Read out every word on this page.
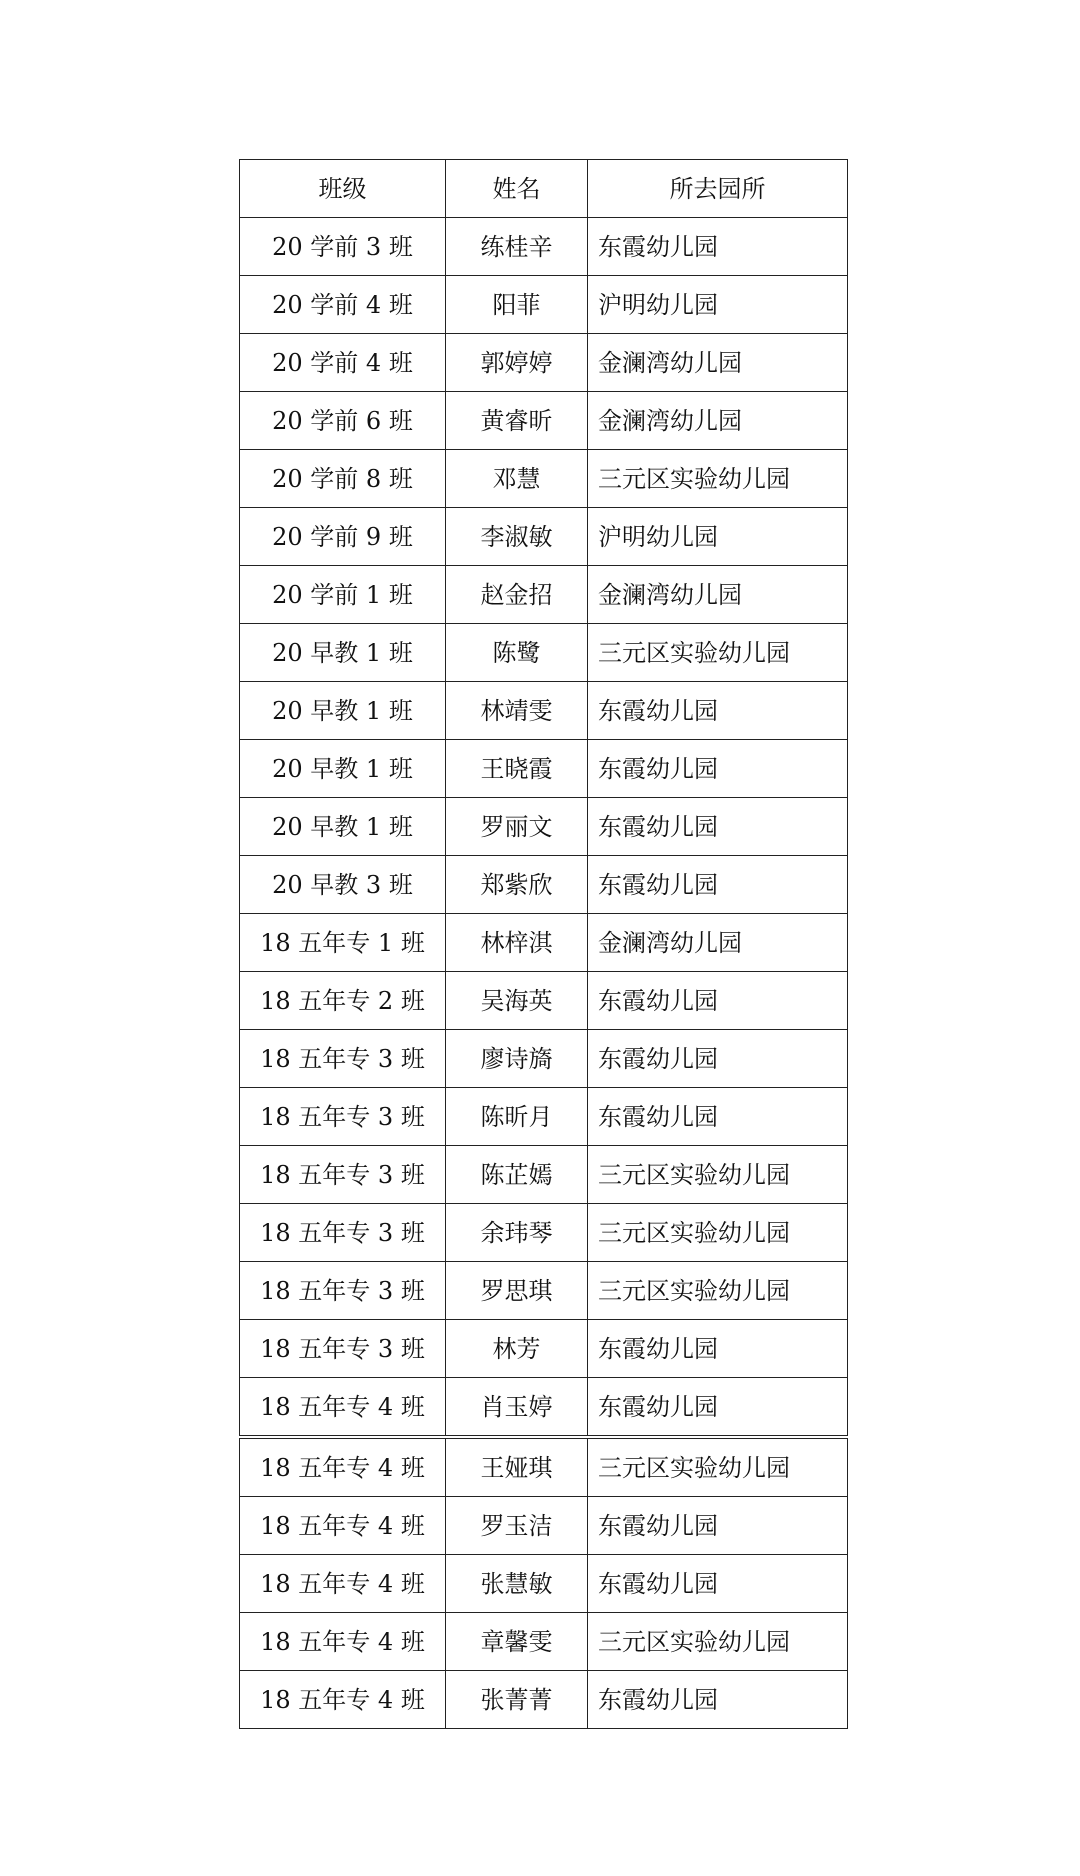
班级	姓名	所去园所
20 学前 3 班	练桂辛	东霞幼儿园
20 学前 4 班	阳菲	沪明幼儿园
20 学前 4 班	郭婷婷	金澜湾幼儿园
20 学前 6 班	黄睿昕	金澜湾幼儿园
20 学前 8 班	邓慧	三元区实验幼儿园
20 学前 9 班	李淑敏	沪明幼儿园
20 学前 1 班	赵金招	金澜湾幼儿园
20 早教 1 班	陈鹭	三元区实验幼儿园
20 早教 1 班	林靖雯	东霞幼儿园
20 早教 1 班	王晓霞	东霞幼儿园
20 早教 1 班	罗丽文	东霞幼儿园
20 早教 3 班	郑紫欣	东霞幼儿园
18 五年专 1 班	林梓淇	金澜湾幼儿园
18 五年专 2 班	吴海英	东霞幼儿园
18 五年专 3 班	廖诗旖	东霞幼儿园
18 五年专 3 班	陈昕月	东霞幼儿园
18 五年专 3 班	陈芷嫣	三元区实验幼儿园
18 五年专 3 班	余玮琴	三元区实验幼儿园
18 五年专 3 班	罗思琪	三元区实验幼儿园
18 五年专 3 班	林芳	东霞幼儿园
18 五年专 4 班	肖玉婷	东霞幼儿园
18 五年专 4 班	王娅琪	三元区实验幼儿园
18 五年专 4 班	罗玉洁	东霞幼儿园
18 五年专 4 班	张慧敏	东霞幼儿园
18 五年专 4 班	章馨雯	三元区实验幼儿园
18 五年专 4 班	张菁菁	东霞幼儿园
